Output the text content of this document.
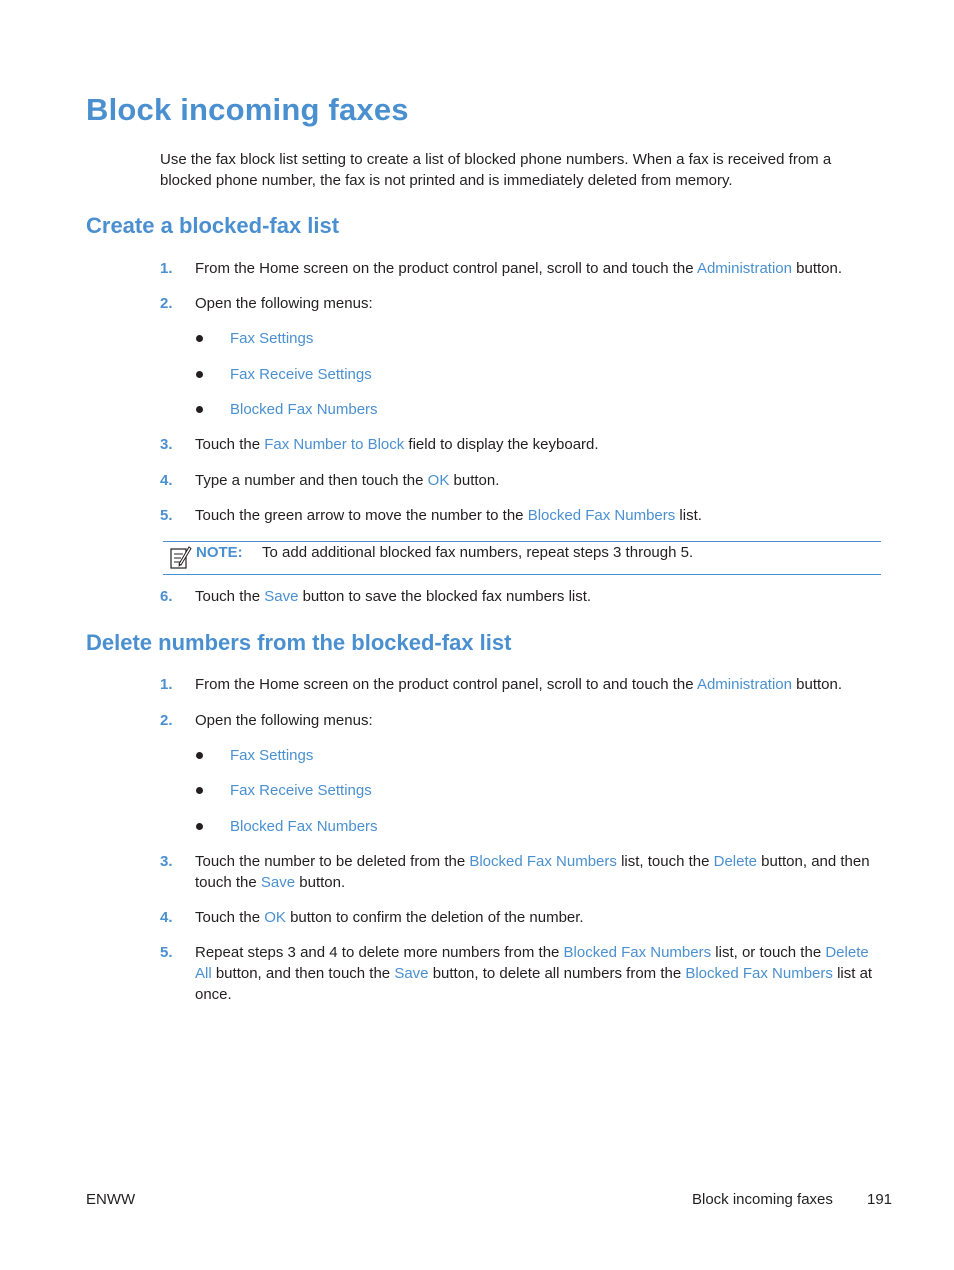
Block incoming faxes

Use the fax block list setting to create a list of blocked phone numbers. When a fax is received from a blocked phone number, the fax is not printed and is immediately deleted from memory.

Create a blocked-fax list
1.	From the Home screen on the product control panel, scroll to and touch the Administration button.
2.	Open the following menus:
Fax Settings
Fax Receive Settings
Blocked Fax Numbers
3.	Touch the Fax Number to Block field to display the keyboard.
4.	Type a number and then touch the OK button.
5.	Touch the green arrow to move the number to the Blocked Fax Numbers list.
NOTE: To add additional blocked fax numbers, repeat steps 3 through 5.
6.	Touch the Save button to save the blocked fax numbers list.
Delete numbers from the blocked-fax list
1.	From the Home screen on the product control panel, scroll to and touch the Administration button.
2.	Open the following menus:
Fax Settings
Fax Receive Settings
Blocked Fax Numbers
3.	Touch the number to be deleted from the Blocked Fax Numbers list, touch the Delete button, and then touch the Save button.
4.	Touch the OK button to confirm the deletion of the number.
5.	Repeat steps 3 and 4 to delete more numbers from the Blocked Fax Numbers list, or touch the Delete All button, and then touch the Save button, to delete all numbers from the Blocked Fax Numbers list at once.
ENWW	Block incoming faxes 191
